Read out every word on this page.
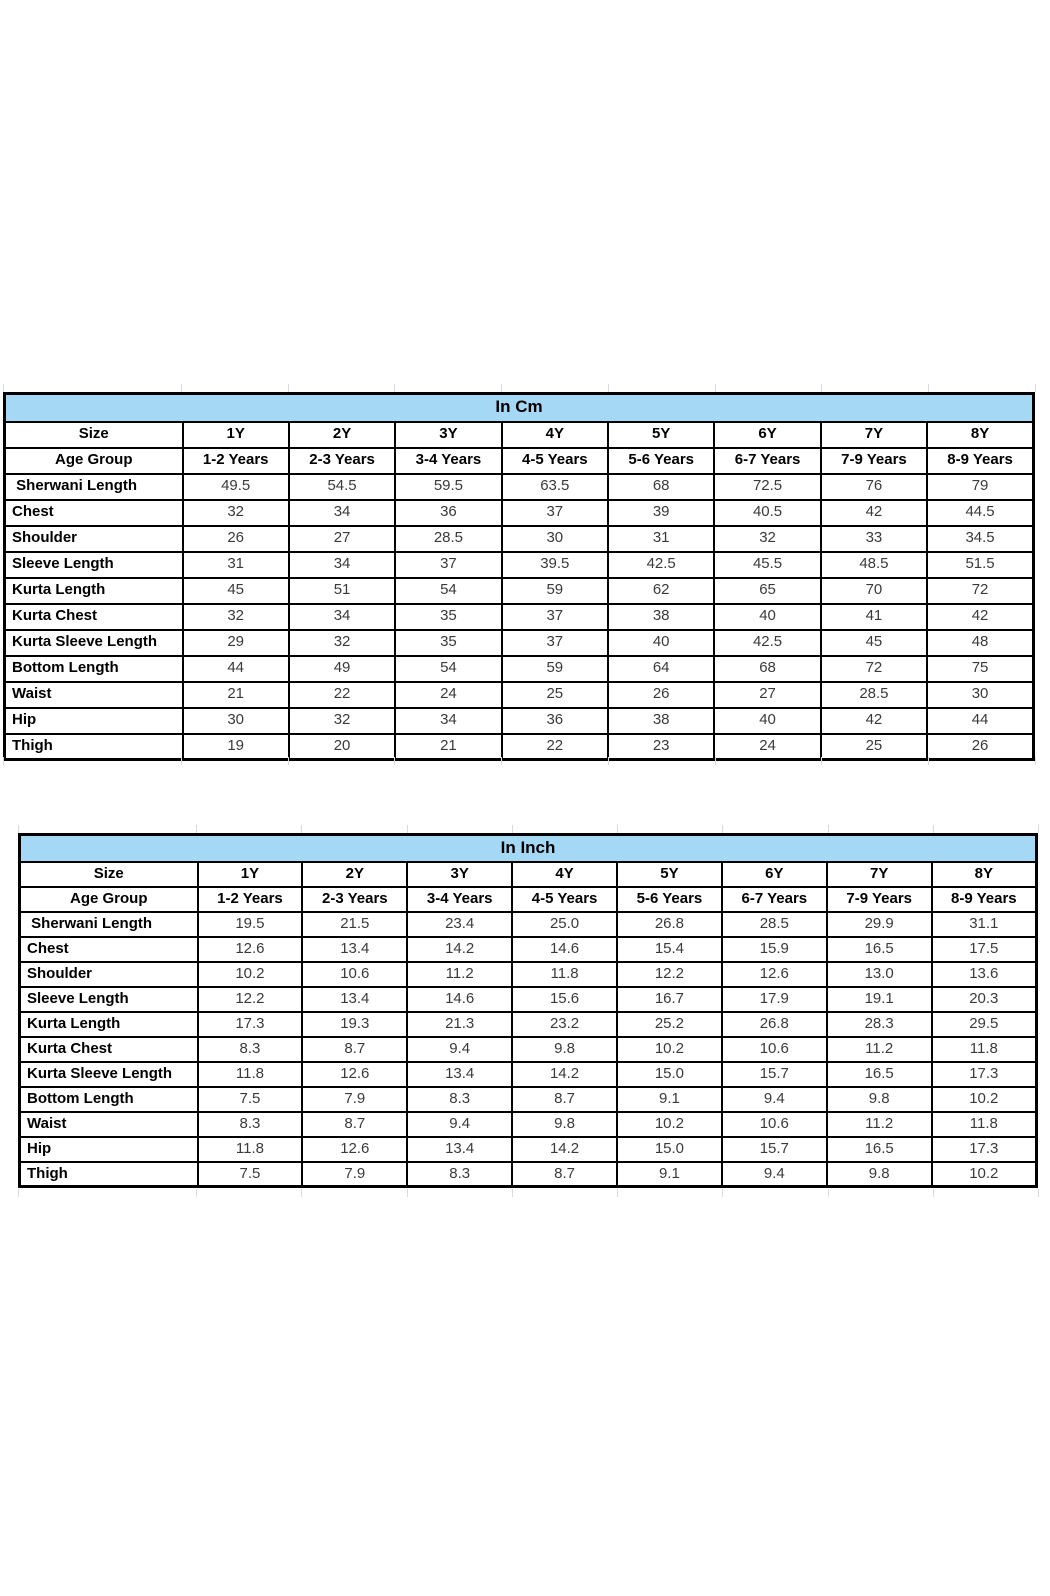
In Cm								
Size	1Y	2Y	3Y	4Y	5Y	6Y	7Y	8Y
Age Group	1-2 Years	2-3 Years	3-4 Years	4-5 Years	5-6 Years	6-7 Years	7-9 Years	8-9 Years
Sherwani Length	49.5	54.5	59.5	63.5	68	72.5	76	79
Chest	32	34	36	37	39	40.5	42	44.5
Shoulder	26	27	28.5	30	31	32	33	34.5
Sleeve Length	31	34	37	39.5	42.5	45.5	48.5	51.5
Kurta Length	45	51	54	59	62	65	70	72
Kurta Chest	32	34	35	37	38	40	41	42
Kurta Sleeve Length	29	32	35	37	40	42.5	45	48
Bottom Length	44	49	54	59	64	68	72	75
Waist	21	22	24	25	26	27	28.5	30
Hip	30	32	34	36	38	40	42	44
Thigh	19	20	21	22	23	24	25	26
In Inch								
Size	1Y	2Y	3Y	4Y	5Y	6Y	7Y	8Y
Age Group	1-2 Years	2-3 Years	3-4 Years	4-5 Years	5-6 Years	6-7 Years	7-9 Years	8-9 Years
Sherwani Length	19.5	21.5	23.4	25.0	26.8	28.5	29.9	31.1
Chest	12.6	13.4	14.2	14.6	15.4	15.9	16.5	17.5
Shoulder	10.2	10.6	11.2	11.8	12.2	12.6	13.0	13.6
Sleeve Length	12.2	13.4	14.6	15.6	16.7	17.9	19.1	20.3
Kurta Length	17.3	19.3	21.3	23.2	25.2	26.8	28.3	29.5
Kurta Chest	8.3	8.7	9.4	9.8	10.2	10.6	11.2	11.8
Kurta Sleeve Length	11.8	12.6	13.4	14.2	15.0	15.7	16.5	17.3
Bottom Length	7.5	7.9	8.3	8.7	9.1	9.4	9.8	10.2
Waist	8.3	8.7	9.4	9.8	10.2	10.6	11.2	11.8
Hip	11.8	12.6	13.4	14.2	15.0	15.7	16.5	17.3
Thigh	7.5	7.9	8.3	8.7	9.1	9.4	9.8	10.2
